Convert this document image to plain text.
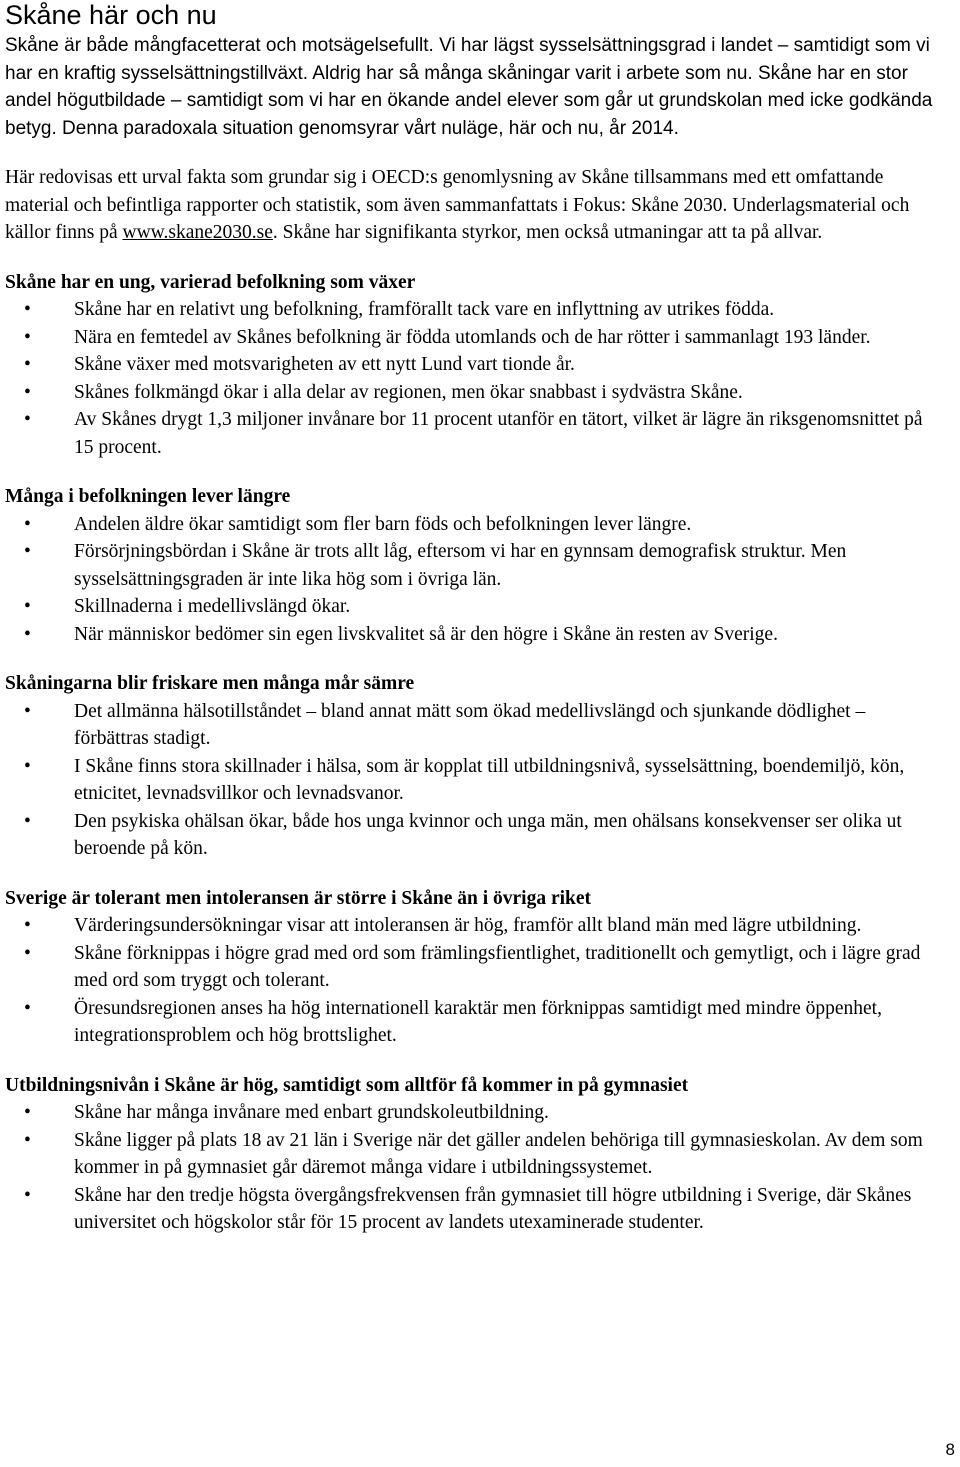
Skåne här och nu

Skåne är både mångfacetterat och motsägelsefullt. Vi har lägst sysselsättningsgrad i landet – samtidigt som vi har en kraftig sysselsättningstillväxt. Aldrig har så många skåningar varit i arbete som nu. Skåne har en stor andel högutbildade – samtidigt som vi har en ökande andel elever som går ut grundskolan med icke godkända betyg. Denna paradoxala situation genomsyrar vårt nuläge, här och nu, år 2014.

Här redovisas ett urval fakta som grundar sig i OECD:s genomlysning av Skåne tillsammans med ett omfattande material och befintliga rapporter och statistik, som även sammanfattats i Fokus: Skåne 2030. Underlagsmaterial och källor finns på www.skane2030.se. Skåne har signifikanta styrkor, men också utmaningar att ta på allvar.

Skåne har en ung, varierad befolkning som växer
• Skåne har en relativt ung befolkning, framförallt tack vare en inflyttning av utrikes födda.
• Nära en femtedel av Skånes befolkning är födda utomlands och de har rötter i sammanlagt 193 länder.
• Skåne växer med motsvarigheten av ett nytt Lund vart tionde år.
• Skånes folkmängd ökar i alla delar av regionen, men ökar snabbast i sydvästra Skåne.
• Av Skånes drygt 1,3 miljoner invånare bor 11 procent utanför en tätort, vilket är lägre än riksgenomsnittet på 15 procent.
Många i befolkningen lever längre
• Andelen äldre ökar samtidigt som fler barn föds och befolkningen lever längre.
• Försörjningsbördan i Skåne är trots allt låg, eftersom vi har en gynnsam demografisk struktur. Men sysselsättningsgraden är inte lika hög som i övriga län.
• Skillnaderna i medellivslängd ökar.
• När människor bedömer sin egen livskvalitet så är den högre i Skåne än resten av Sverige.
Skåningarna blir friskare men många mår sämre
• Det allmänna hälsotillståndet – bland annat mätt som ökad medellivslängd och sjunkande dödlighet – förbättras stadigt.
• I Skåne finns stora skillnader i hälsa, som är kopplat till utbildningsnivå, sysselsättning, boendemiljö, kön, etnicitet, levnadsvillkor och levnadsvanor.
• Den psykiska ohälsan ökar, både hos unga kvinnor och unga män, men ohälsans konsekvenser ser olika ut beroende på kön.
Sverige är tolerant men intoleransen är större i Skåne än i övriga riket
• Värderingsundersökningar visar att intoleransen är hög, framför allt bland män med lägre utbildning.
• Skåne förknippas i högre grad med ord som främlingsfientlighet, traditionellt och gemytligt, och i lägre grad med ord som tryggt och tolerant.
• Öresundsregionen anses ha hög internationell karaktär men förknippas samtidigt med mindre öppenhet, integrationsproblem och hög brottslighet.
Utbildningsnivån i Skåne är hög, samtidigt som alltför få kommer in på gymnasiet
• Skåne har många invånare med enbart grundskoleutbildning.
• Skåne ligger på plats 18 av 21 län i Sverige när det gäller andelen behöriga till gymnasieskolan. Av dem som kommer in på gymnasiet går däremot många vidare i utbildningssystemet.
• Skåne har den tredje högsta övergångsfrekvensen från gymnasiet till högre utbildning i Sverige, där Skånes universitet och högskolor står för 15 procent av landets utexaminerade studenter.
8
